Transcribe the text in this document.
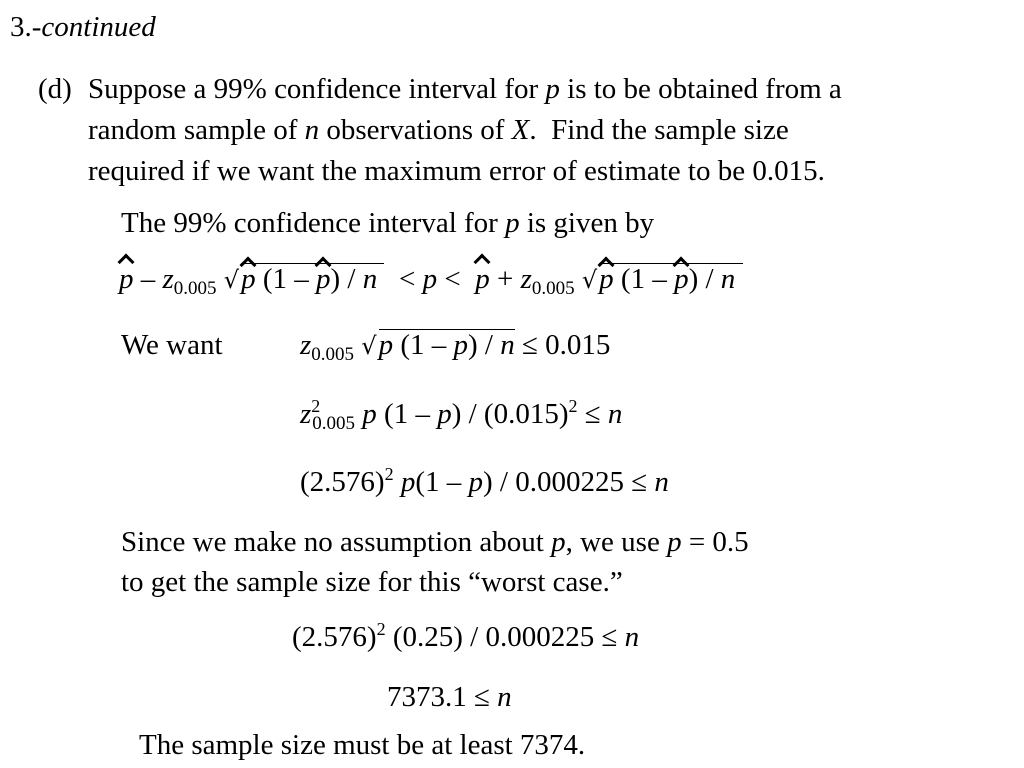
3.-continued
(d) Suppose a 99% confidence interval for p is to be obtained from a
random sample of n observations of X.  Find the sample size
required if we want the maximum error of estimate to be 0.015.
The 99% confidence interval for p is given by
p – $z_{0.005}$ √p $(1 - p) / n < p < p + z_{0.005}$ √p (1 – p) / n
We want	$z_{0.005}$ √p (1 – p) / n ≤ 0.015
$z^2_{0.005}$ p $(1 - p) / (0.015)^2 \le n$
$(2.576)^2$ p(1 – p) / 0.000225 ≤ n
Since we make no assumption about p, we use p = 0.5
to get the sample size for this “worst case.”
$(2.576)^2$ (0.25) / 0.000225 ≤ n
7373.1 ≤ n
The sample size must be at least 7374.
